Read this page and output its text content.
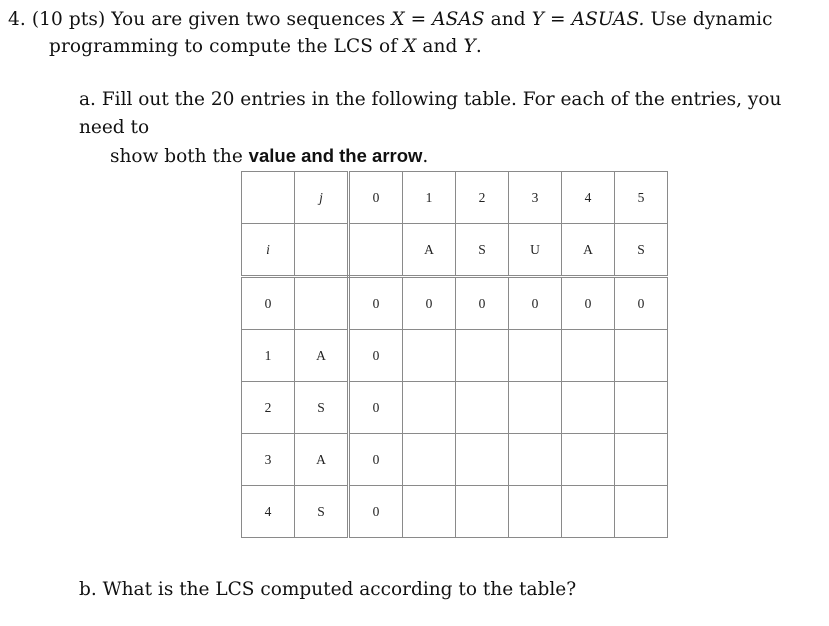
4. (10 pts) You are given two sequences X = ASAS and Y = ASUAS. Use dynamic
programming to compute the LCS of X and Y.
a. Fill out the 20 entries in the following table. For each of the entries, you need to
show both the value and the arrow.
	j	0	1	2	3	4	5
i			A	S	U	A	S
0		0	0	0	0	0	0
1	A	0					
2	S	0					
3	A	0					
4	S	0					
b. What is the LCS computed according to the table?
